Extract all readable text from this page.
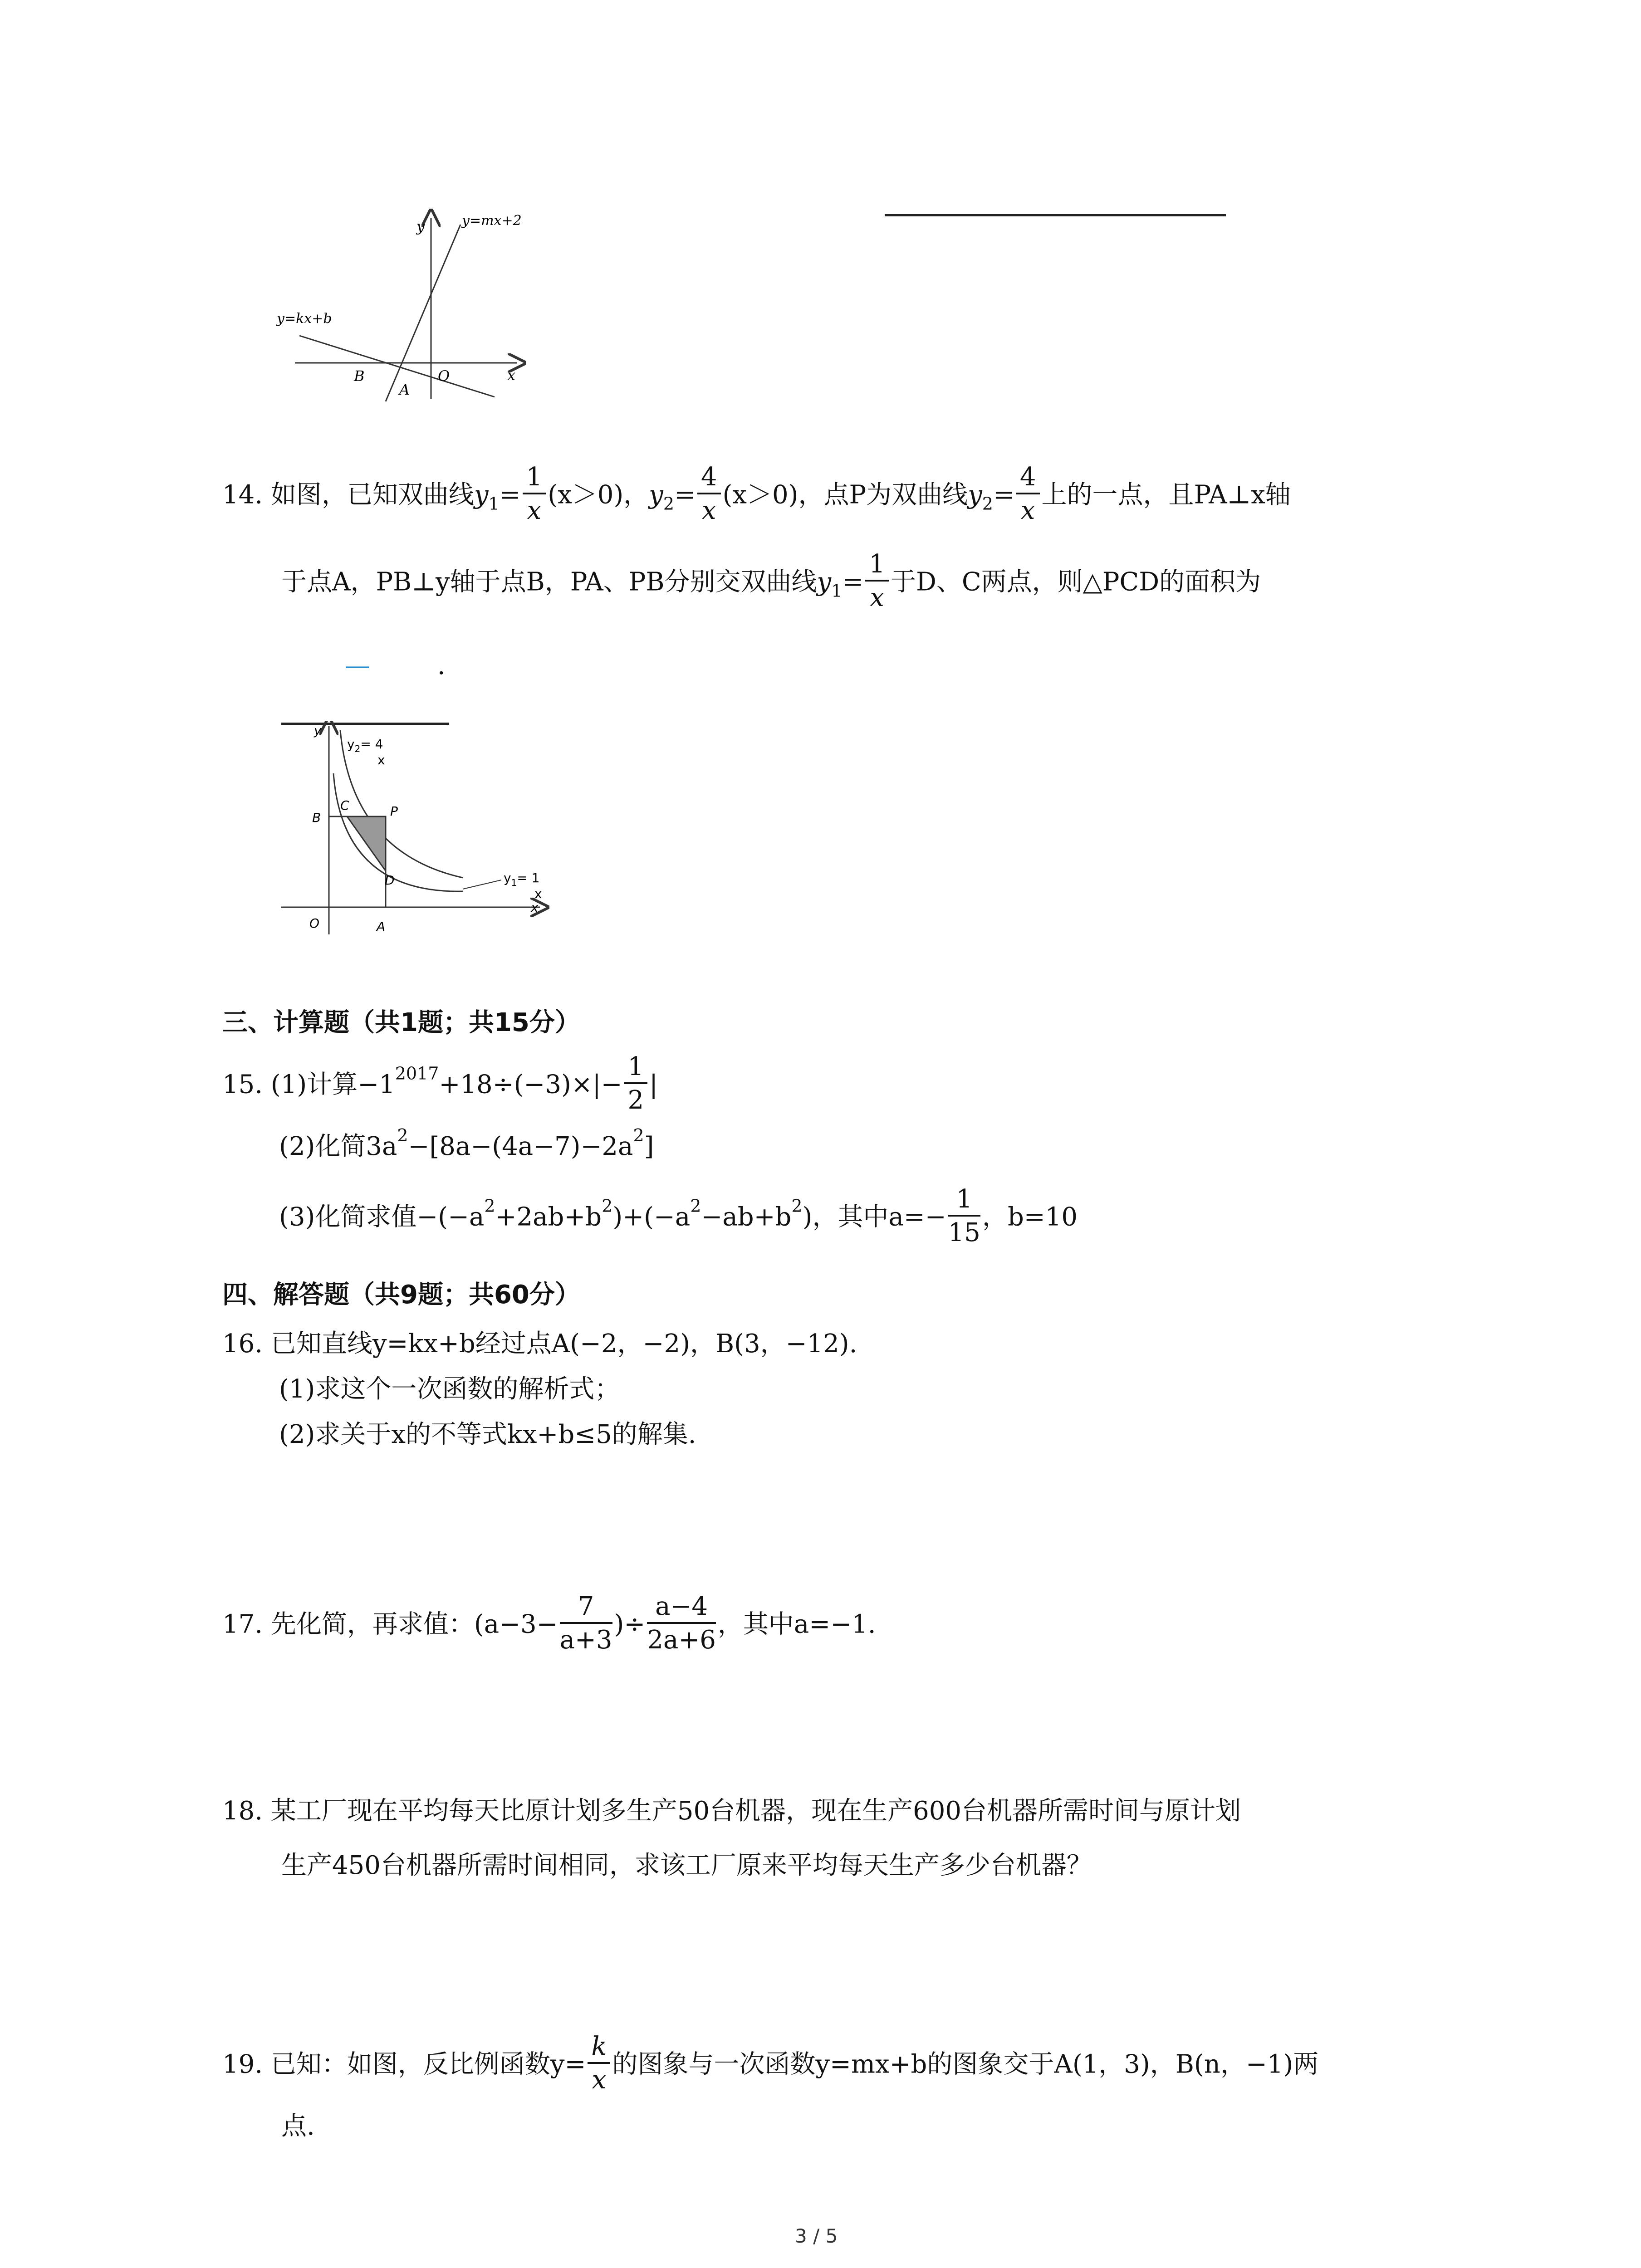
y
x
y=mx+2
y=kx+b
B	O
A
14. 如图，已知双曲线$y_1= \frac{1}{x} (x>0)$，$y_2= \frac{4}{x} (x>0)$，点P为双曲线$y_2= \frac{4}{x}$ 上的一点，且PA⊥x轴
于点A，PB⊥y轴于点B，PA、PB分别交双曲线$y_1= \frac{1}{x}$ 于D、C两点，则△PCD的面积为
—	.
y
x
$y_2= 4$
x
$y_1= 1$
x
B
C	P
D
O	A
三、计算题（共1题；共15分）
15. (1)计算$-1^{2017}+18\div(-3)\times|- \frac{1}{2}$ |
(2)化简$3a^2-[8a-(4a-7)-2a^2]$
(3)化简求值$-(-a^2+2ab+b^2)+(-a^2-ab+b^2)$，其中$a=- \frac{1}{15}$ ，b=10
四、解答题（共9题；共60分）
16. 已知直线y=kx+b经过点A(−2，−2)，B(3，−12).
(1)求这个一次函数的解析式；
(2)求关于x的不等式kx+b≤5的解集.
17. 先化简，再求值：($a-3- \frac{7}{a+3}$ )÷ $\frac{a-4}{2a+6}$ ，其中a=−1.
18. 某工厂现在平均每天比原计划多生产50台机器，现在生产600台机器所需时间与原计划
生产450台机器所需时间相同，求该工厂原来平均每天生产多少台机器？
19. 已知：如图，反比例函数$y= \frac{k}{x}$ 的图象与一次函数y=mx+b的图象交于A(1，3)，B(n，−1)两
点.
3 / 5
